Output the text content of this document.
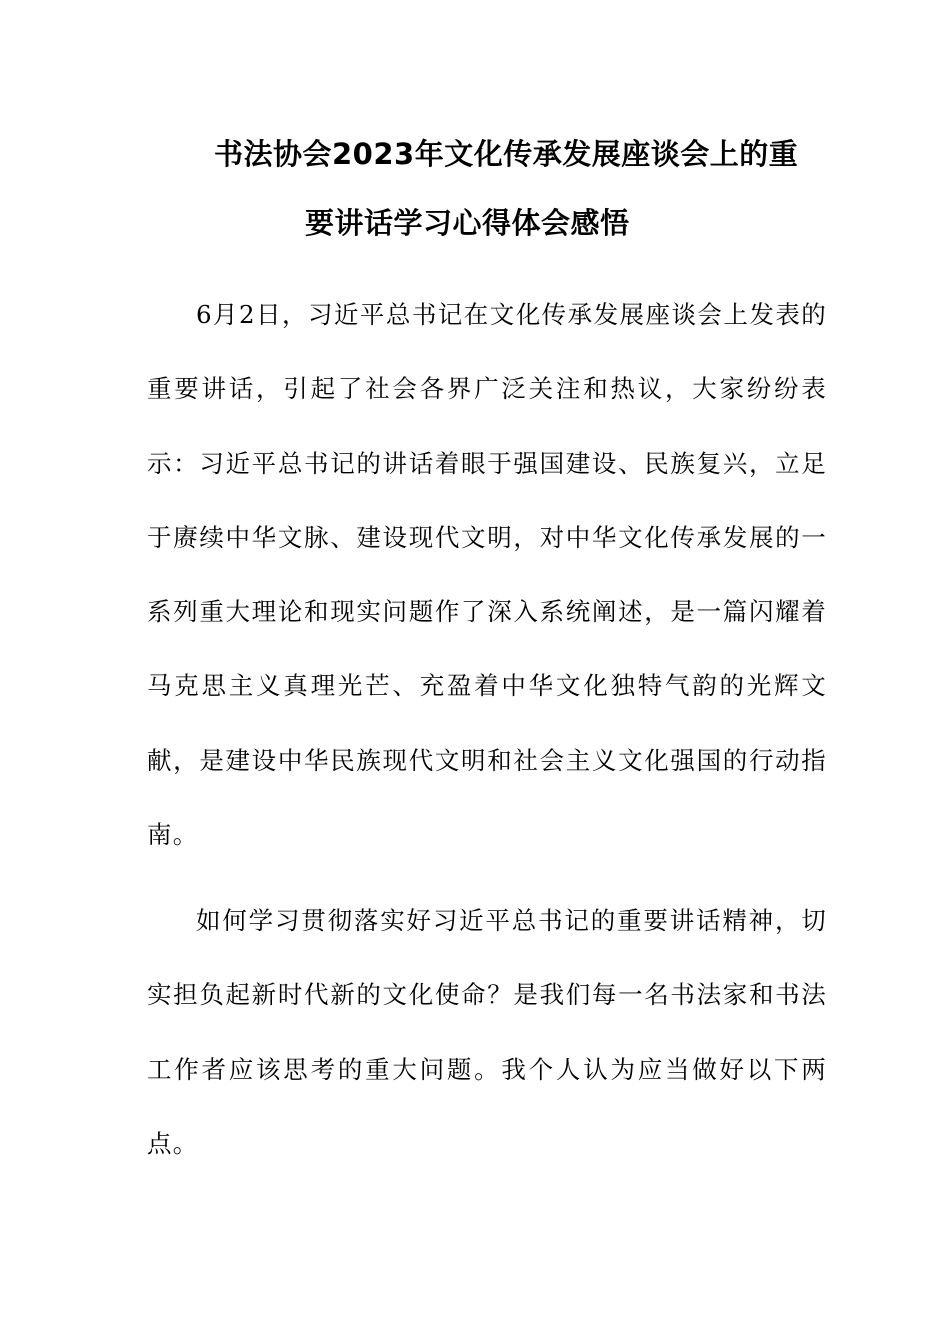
书法协会2023年文化传承发展座谈会上的重
要讲话学习心得体会感悟

6月2日，习近平总书记在文化传承发展座谈会上发表的重要讲话，引起了社会各界广泛关注和热议，大家纷纷表示：习近平总书记的讲话着眼于强国建设、民族复兴，立足于赓续中华文脉、建设现代文明，对中华文化传承发展的一系列重大理论和现实问题作了深入系统阐述，是一篇闪耀着马克思主义真理光芒、充盈着中华文化独特气韵的光辉文献，是建设中华民族现代文明和社会主义文化强国的行动指南。

如何学习贯彻落实好习近平总书记的重要讲话精神，切实担负起新时代新的文化使命？是我们每一名书法家和书法工作者应该思考的重大问题。我个人认为应当做好以下两点。
